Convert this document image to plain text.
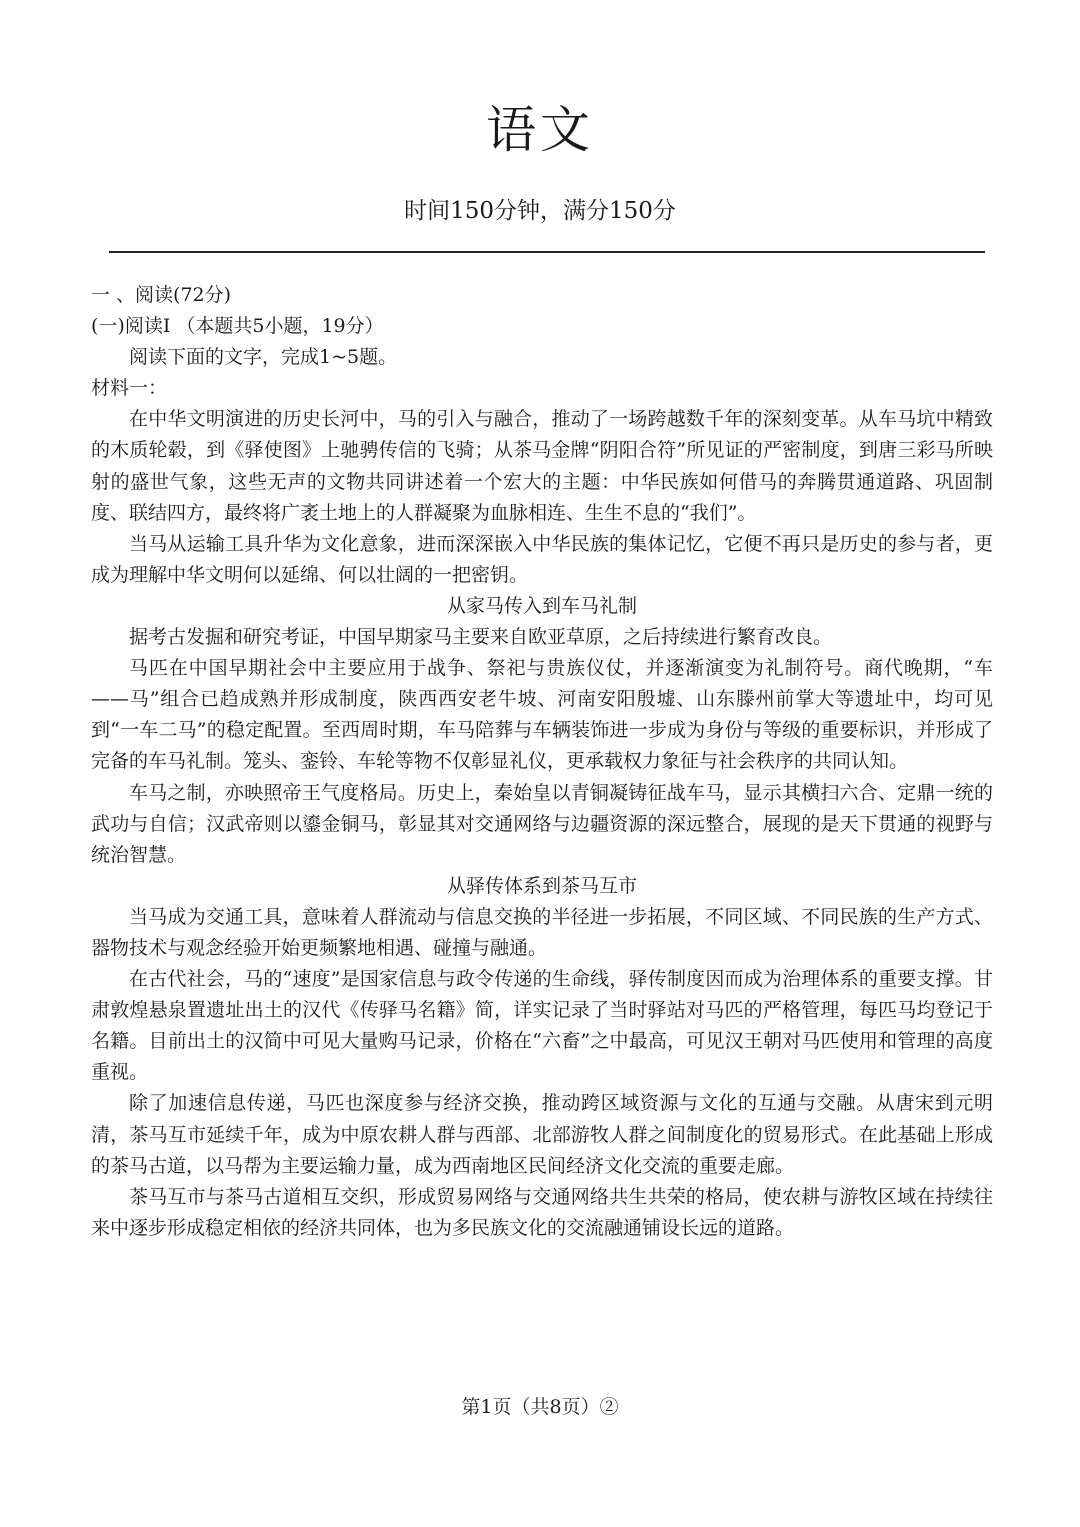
语文
时间150分钟，满分150分

一 、阅读(72分)

(一)阅读I （本题共5小题，19分）

阅读下面的文字，完成1~5题。

材料一：

在中华文明演进的历史长河中，马的引入与融合，推动了一场跨越数千年的深刻变革。从车马坑中精致的木质轮毂，到《驿使图》上驰骋传信的飞骑；从茶马金牌“阴阳合符”所见证的严密制度，到唐三彩马所映射的盛世气象，这些无声的文物共同讲述着一个宏大的主题：中华民族如何借马的奔腾贯通道路、巩固制度、联结四方，最终将广袤土地上的人群凝聚为血脉相连、生生不息的“我们”。

当马从运输工具升华为文化意象，进而深深嵌入中华民族的集体记忆，它便不再只是历史的参与者，更成为理解中华文明何以延绵、何以壮阔的一把密钥。

从家马传入到车马礼制

据考古发掘和研究考证，中国早期家马主要来自欧亚草原，之后持续进行繁育改良。

马匹在中国早期社会中主要应用于战争、祭祀与贵族仪仗，并逐渐演变为礼制符号。商代晚期，“车——马”组合已趋成熟并形成制度，陕西西安老牛坡、河南安阳殷墟、山东滕州前掌大等遗址中，均可见到“一车二马”的稳定配置。至西周时期，车马陪葬与车辆装饰进一步成为身份与等级的重要标识，并形成了完备的车马礼制。笼头、銮铃、车轮等物不仅彰显礼仪，更承载权力象征与社会秩序的共同认知。

车马之制，亦映照帝王气度格局。历史上，秦始皇以青铜凝铸征战车马，显示其横扫六合、定鼎一统的武功与自信；汉武帝则以鎏金铜马，彰显其对交通网络与边疆资源的深远整合，展现的是天下贯通的视野与统治智慧。

从驿传体系到茶马互市

当马成为交通工具，意味着人群流动与信息交换的半径进一步拓展，不同区域、不同民族的生产方式、器物技术与观念经验开始更频繁地相遇、碰撞与融通。

在古代社会，马的“速度”是国家信息与政令传递的生命线，驿传制度因而成为治理体系的重要支撑。甘肃敦煌悬泉置遗址出土的汉代《传驿马名籍》简，详实记录了当时驿站对马匹的严格管理，每匹马均登记于名籍。目前出土的汉简中可见大量购马记录，价格在“六畜”之中最高，可见汉王朝对马匹使用和管理的高度重视。

除了加速信息传递，马匹也深度参与经济交换，推动跨区域资源与文化的互通与交融。从唐宋到元明清，茶马互市延续千年，成为中原农耕人群与西部、北部游牧人群之间制度化的贸易形式。在此基础上形成的茶马古道，以马帮为主要运输力量，成为西南地区民间经济文化交流的重要走廊。

茶马互市与茶马古道相互交织，形成贸易网络与交通网络共生共荣的格局，使农耕与游牧区域在持续往来中逐步形成稳定相依的经济共同体，也为多民族文化的交流融通铺设长远的道路。

第1页（共8页）②
